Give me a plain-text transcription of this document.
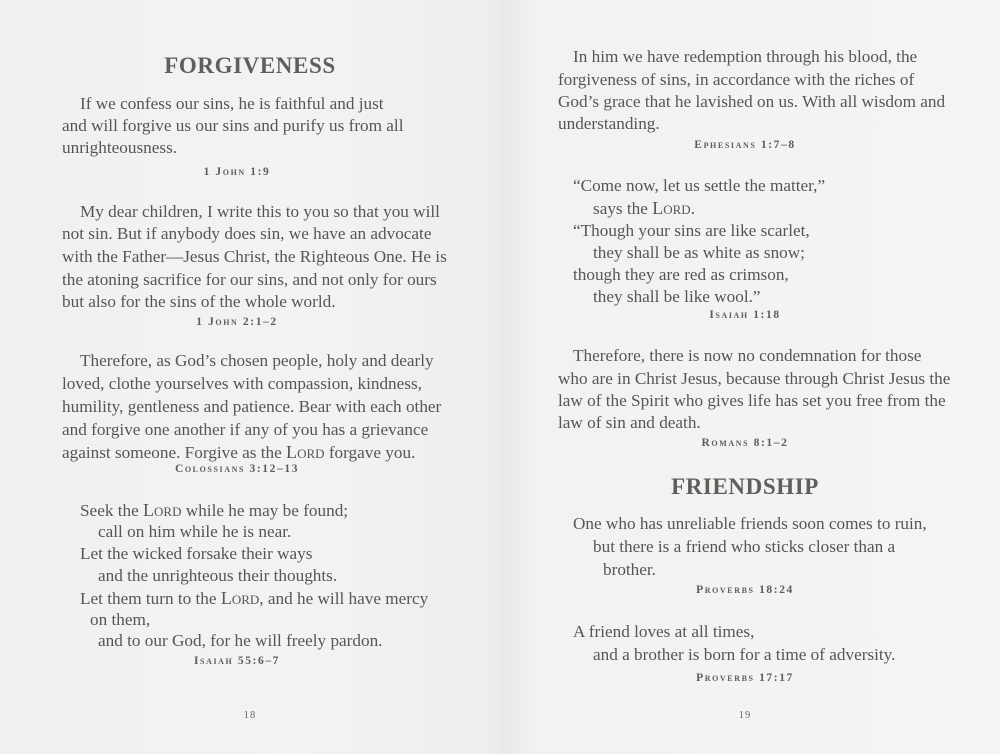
FORGIVENESS
18
If we confess our sins, he is faithful and just
and will forgive us our sins and purify us from all
unrighteousness.
1 John 1:9
My dear children, I write this to you so that you will
not sin. But if anybody does sin, we have an advocate
with the Father—Jesus Christ, the Righteous One. He is
the atoning sacrifice for our sins, and not only for ours
but also for the sins of the whole world.
1 John 2:1–2
Therefore, as God’s chosen people, holy and dearly
loved, clothe yourselves with compassion, kindness,
humility, gentleness and patience. Bear with each other
and forgive one another if any of you has a grievance
against someone. Forgive as the Lord forgave you.
Colossians 3:12–13
Seek the Lord while he may be found;
call on him while he is near.
Let the wicked forsake their ways
and the unrighteous their thoughts.
Let them turn to the Lord, and he will have mercy
on them,
and to our God, for he will freely pardon.
Isaiah 55:6–7
FRIENDSHIP
19
In him we have redemption through his blood, the
forgiveness of sins, in accordance with the riches of
God’s grace that he lavished on us. With all wisdom and
understanding.
Ephesians 1:7–8
“Come now, let us settle the matter,”
says the Lord.
“Though your sins are like scarlet,
they shall be as white as snow;
though they are red as crimson,
they shall be like wool.”
Isaiah 1:18
Therefore, there is now no condemnation for those
who are in Christ Jesus, because through Christ Jesus the
law of the Spirit who gives life has set you free from the
law of sin and death.
Romans 8:1–2
One who has unreliable friends soon comes to ruin,
but there is a friend who sticks closer than a
brother.
Proverbs 18:24
A friend loves at all times,
and a brother is born for a time of adversity.
Proverbs 17:17
